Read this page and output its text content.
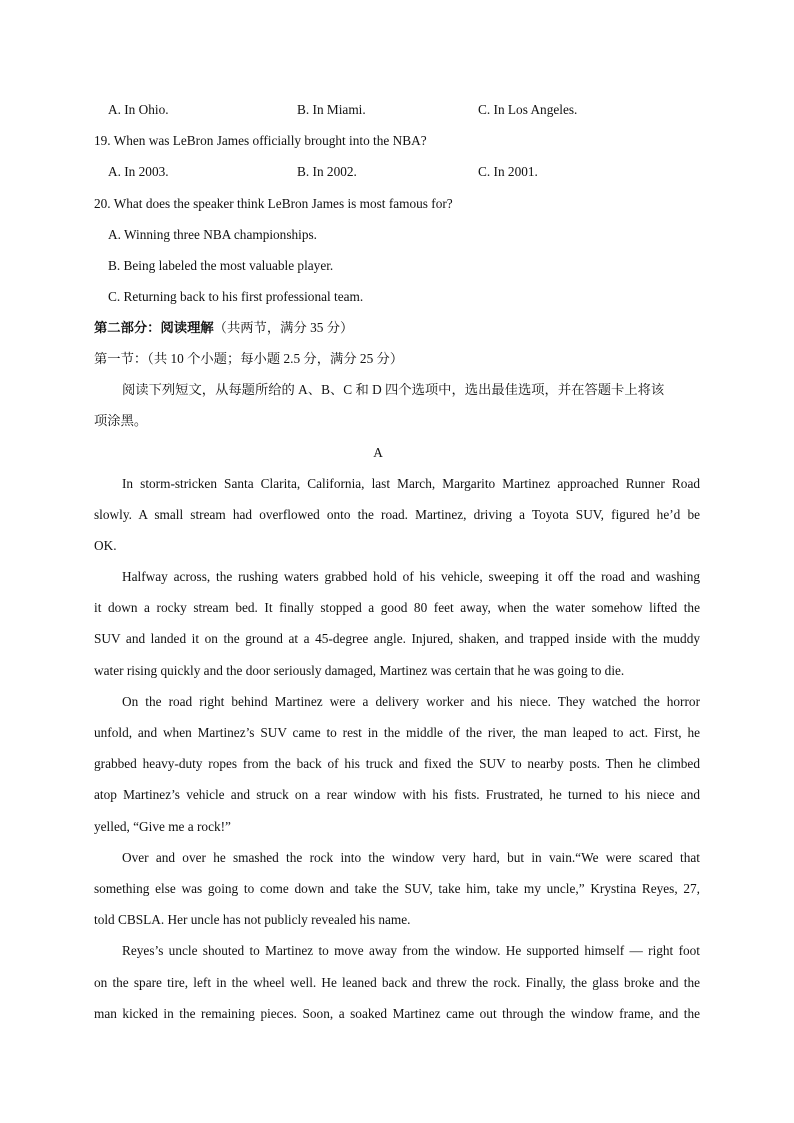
A. In Ohio.	B. In Miami.	C. In Los Angeles.
19. When was LeBron James officially brought into the NBA?
A. In 2003.	B. In 2002.	C. In 2001.
20. What does the speaker think LeBron James is most famous for?
A. Winning three NBA championships.
B. Being labeled the most valuable player.
C. Returning back to his first professional team.
第二部分：阅读理解（共两节，满分 35 分）
第一节：（共 10 个小题；每小题 2.5 分，满分 25 分）
阅读下列短文，从每题所给的 A、B、C 和 D 四个选项中，选出最佳选项，并在答题卡上将该
项涂黑。
A
In storm-stricken Santa Clarita, California, last March, Margarito Martinez approached Runner Road
slowly. A small stream had overflowed onto the road. Martinez, driving a Toyota SUV, figured he’d be
OK.
Halfway across, the rushing waters grabbed hold of his vehicle, sweeping it off the road and washing
it down a rocky stream bed. It finally stopped a good 80 feet away, when the water somehow lifted the
SUV and landed it on the ground at a 45-degree angle. Injured, shaken, and trapped inside with the muddy
water rising quickly and the door seriously damaged, Martinez was certain that he was going to die.
On the road right behind Martinez were a delivery worker and his niece. They watched the horror
unfold, and when Martinez’s SUV came to rest in the middle of the river, the man leaped to act. First, he
grabbed heavy-duty ropes from the back of his truck and fixed the SUV to nearby posts. Then he climbed
atop Martinez’s vehicle and struck on a rear window with his fists. Frustrated, he turned to his niece and
yelled, “Give me a rock!”
Over and over he smashed the rock into the window very hard, but in vain.“We were scared that
something else was going to come down and take the SUV, take him, take my uncle,” Krystina Reyes, 27,
told CBSLA. Her uncle has not publicly revealed his name.
Reyes’s uncle shouted to Martinez to move away from the window. He supported himself — right foot
on the spare tire, left in the wheel well. He leaned back and threw the rock. Finally, the glass broke and the
man kicked in the remaining pieces. Soon, a soaked Martinez came out through the window frame, and the
